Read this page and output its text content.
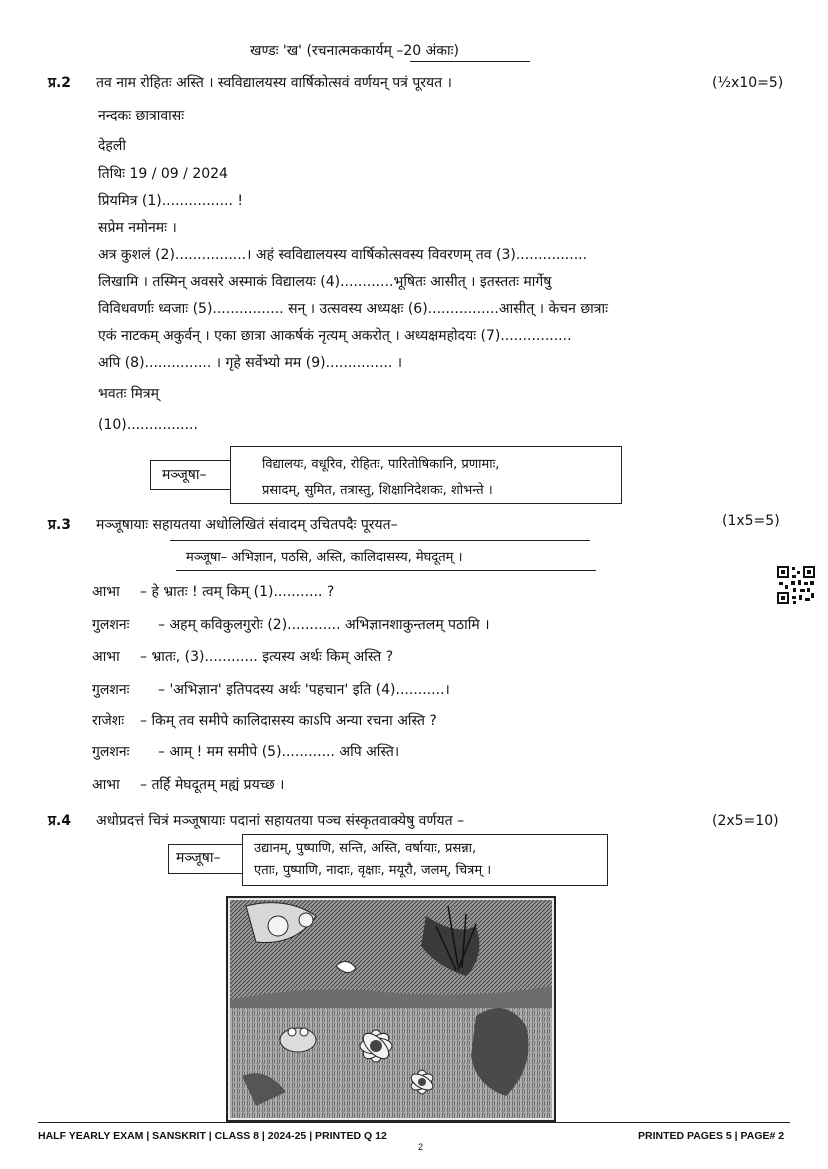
खण्डः 'ख' (रचनात्मककार्यम् –20 अंकाः)
प्र.2 तव नाम रोहितः अस्ति । स्वविद्यालयस्य वार्षिकोत्सवं वर्णयन् पत्रं पूरयत ।	(½x10=5)
नन्दकः छात्रावासः
देहली
तिथिः 19 / 09 / 2024
प्रियमित्र (1)................ !
सप्रेम नमोनमः ।
अत्र कुशलं (2)................। अहं स्वविद्यालयस्य वार्षिकोत्सवस्य विवरणम् तव (3)................
लिखामि । तस्मिन् अवसरे अस्माकं विद्यालयः (4)............भूषितः आसीत् । इतस्ततः मार्गेषु
विविधवर्णाः ध्वजाः (5)................ सन् । उत्सवस्य अध्यक्षः (6)................आसीत् । केचन छात्राः
एकं नाटकम् अकुर्वन् । एका छात्रा आकर्षकं नृत्यम् अकरोत् । अध्यक्षमहोदयः (7)................
अपि (8)............... । गृहे सर्वेभ्यो मम (9)............... ।
भवतः मित्रम्
(10)................
मञ्जूषा–
विद्यालयः, वधूरिव, रोहितः, पारितोषिकानि, प्रणामाः,
प्रसादम्, सुमित, तत्रास्तु, शिक्षानिदेशकः, शोभन्ते ।
प्र.3 मञ्जूषायाः सहायतया अधोलिखितं संवादम् उचितपदैः पूरयत–	(1x5=5)
मञ्जूषा– अभिज्ञान, पठसि, अस्ति, कालिदासस्य, मेघदूतम् ।
आभा – हे भ्रातः ! त्वम् किम् (1)........... ?
गुलशनः – अहम् कविकुलगुरोः (2)............ अभिज्ञानशाकुन्तलम् पठामि ।
आभा – भ्रातः, (3)............ इत्यस्य अर्थः किम् अस्ति ?
गुलशनः – 'अभिज्ञान' इतिपदस्य अर्थः 'पहचान' इति (4)...........।
राजेशः – किम् तव समीपे कालिदासस्य काऽपि अन्या रचना अस्ति ?
गुलशनः – आम् ! मम समीपे (5)............ अपि अस्ति।
आभा – तर्हि मेघदूतम् मह्यं प्रयच्छ ।
प्र.4 अधोप्रदत्तं चित्रं मञ्जूषायाः पदानां सहायतया पञ्च संस्कृतवाक्येषु वर्णयत –	(2x5=10)
मञ्जूषा–
उद्यानम्, पुष्पाणि, सन्ति, अस्ति, वर्षायाः, प्रसन्ना,
एताः, पुष्पाणि, नादाः, वृक्षाः, मयूरौ, जलम्, चित्रम् ।
HALF YEARLY EXAM | SANSKRIT | CLASS 8 | 2024-25 | PRINTED Q 12
2
PRINTED PAGES 5 | PAGE# 2
